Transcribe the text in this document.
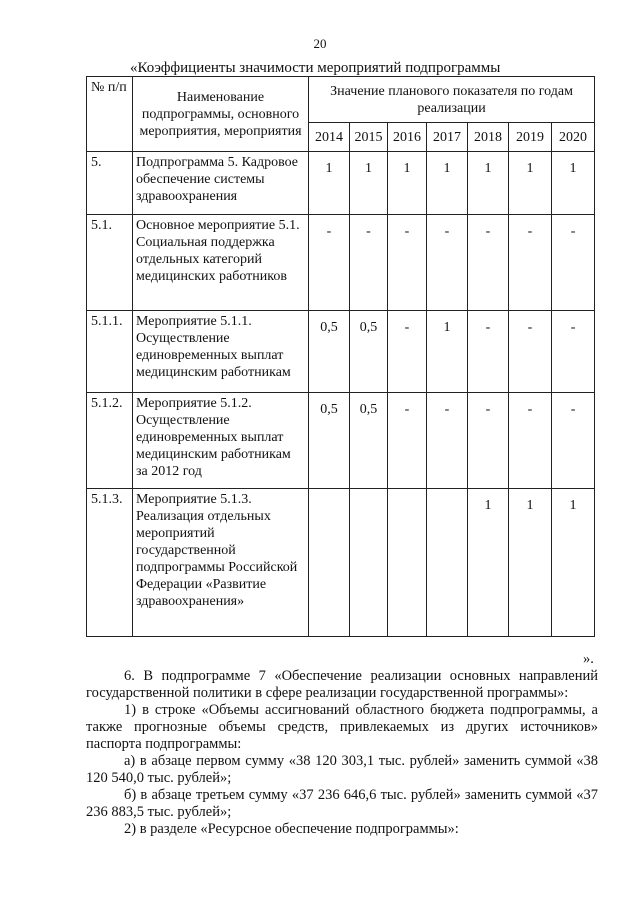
20
«Коэффициенты значимости мероприятий подпрограммы
№ п/п	Наименование подпрограммы, основного мероприятия, мероприятия	Значение планового показателя по годам реализации						
		2014	2015	2016	2017	2018	2019	2020
5.	Подпрограмма 5. Кадровое обеспечение системы здравоохранения	1	1	1	1	1	1	1
5.1.	Основное мероприятие 5.1. Социальная поддержка отдельных категорий медицинских работников	-	-	-	-	-	-	-
5.1.1.	Мероприятие 5.1.1. Осуществление единовременных выплат медицинским работникам	0,5	0,5	-	1	-	-	-
5.1.2.	Мероприятие 5.1.2. Осуществление единовременных выплат медицинским работникам за 2012 год	0,5	0,5	-	-	-	-	-
5.1.3.	Мероприятие 5.1.3. Реализация отдельных мероприятий государственной подпрограммы Российской Федерации «Развитие здравоохранения»					1	1	1
».

6. В подпрограмме 7 «Обеспечение реализации основных направлений государственной политики в сфере реализации государственной программы»:

1) в строке «Объемы ассигнований областного бюджета подпрограммы, а также прогнозные объемы средств, привлекаемых из других источников» паспорта подпрограммы:

а) в абзаце первом сумму «38 120 303,1 тыс. рублей» заменить суммой «38 120 540,0 тыс. рублей»;

б) в абзаце третьем сумму «37 236 646,6 тыс. рублей» заменить суммой «37 236 883,5 тыс. рублей»;

2) в разделе «Ресурсное обеспечение подпрограммы»:
